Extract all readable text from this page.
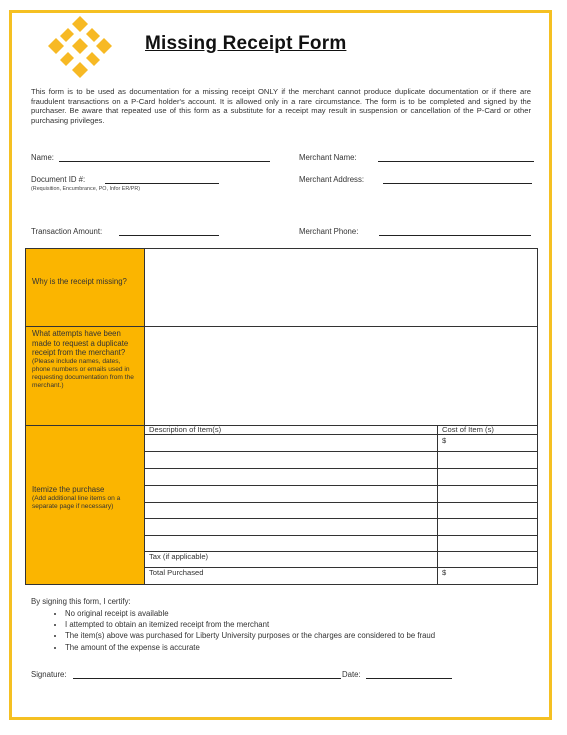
Missing Receipt Form
This form is to be used as documentation for a missing receipt ONLY if the merchant cannot produce duplicate documentation or if there are fraudulent transactions on a P-Card holder's account. It is allowed only in a rare circumstance. The form is to be completed and signed by the purchaser. Be aware that repeated use of this form as a substitute for a receipt may result in suspension or cancellation of the P-Card or other purchasing privileges.
Name:	Merchant Name:
Document ID #:
(Requisition, Encumbrance, PO, Infor ER/PR)
Merchant Address:
Transaction Amount:	Merchant Phone:
Why is the receipt missing?
What attempts have been made to request a duplicate receipt from the merchant?
(Please include names, dates, phone numbers or emails used in requesting documentation from the merchant.)
Itemize the purchase
(Add additional line items on a separate page if necessary)
Description of Item(s)	Cost of Item (s)
$
Tax (if applicable)
Total Purchased	$
By signing this form, I certify:
• No original receipt is available
• I attempted to obtain an itemized receipt from the merchant
• The item(s) above was purchased for Liberty University purposes or the charges are considered to be fraud
• The amount of the expense is accurate
Signature:	Date:
